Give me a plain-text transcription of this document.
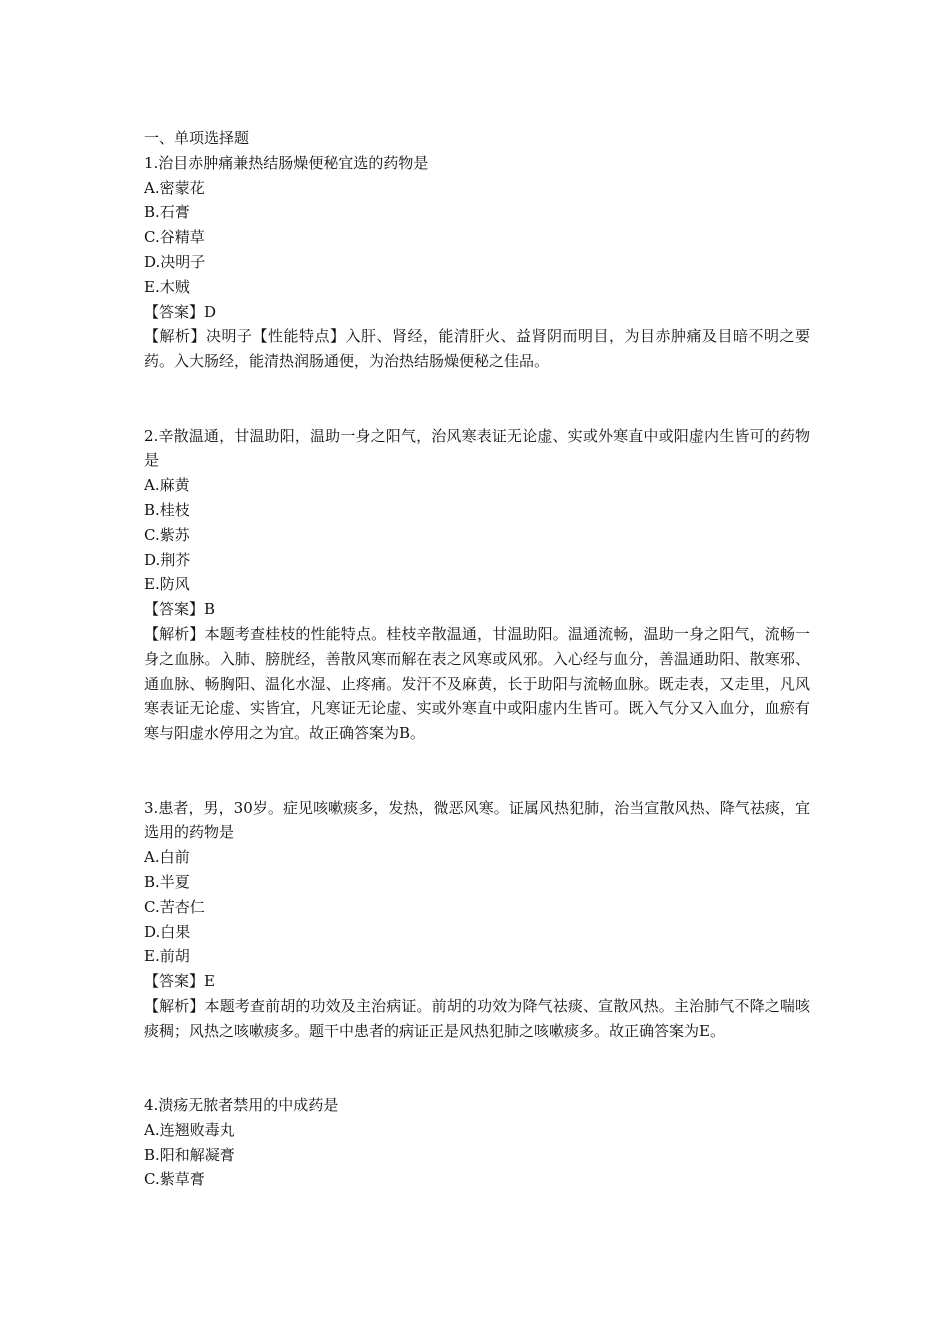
一、单项选择题
1.治目赤肿痛兼热结肠燥便秘宜选的药物是
A.密蒙花
B.石膏
C.谷精草
D.决明子
E.木贼
【答案】D
【解析】决明子【性能特点】入肝、肾经，能清肝火、益肾阴而明目，为目赤肿痛及目暗不明之要药。入大肠经，能清热润肠通便，为治热结肠燥便秘之佳品。
2.辛散温通，甘温助阳，温助一身之阳气，治风寒表证无论虚、实或外寒直中或阳虚内生皆可的药物是
A.麻黄
B.桂枝
C.紫苏
D.荆芥
E.防风
【答案】B
【解析】本题考查桂枝的性能特点。桂枝辛散温通，甘温助阳。温通流畅，温助一身之阳气，流畅一身之血脉。入肺、膀胱经，善散风寒而解在表之风寒或风邪。入心经与血分，善温通助阳、散寒邪、通血脉、畅胸阳、温化水湿、止疼痛。发汗不及麻黄，长于助阳与流畅血脉。既走表，又走里，凡风寒表证无论虚、实皆宜，凡寒证无论虚、实或外寒直中或阳虚内生皆可。既入气分又入血分，血瘀有寒与阳虚水停用之为宜。故正确答案为B。
3.患者，男，30岁。症见咳嗽痰多，发热，微恶风寒。证属风热犯肺，治当宣散风热、降气祛痰，宜选用的药物是
A.白前
B.半夏
C.苦杏仁
D.白果
E.前胡
【答案】E
【解析】本题考查前胡的功效及主治病证。前胡的功效为降气祛痰、宣散风热。主治肺气不降之喘咳痰稠；风热之咳嗽痰多。题干中患者的病证正是风热犯肺之咳嗽痰多。故正确答案为E。
4.溃疡无脓者禁用的中成药是
A.连翘败毒丸
B.阳和解凝膏
C.紫草膏
